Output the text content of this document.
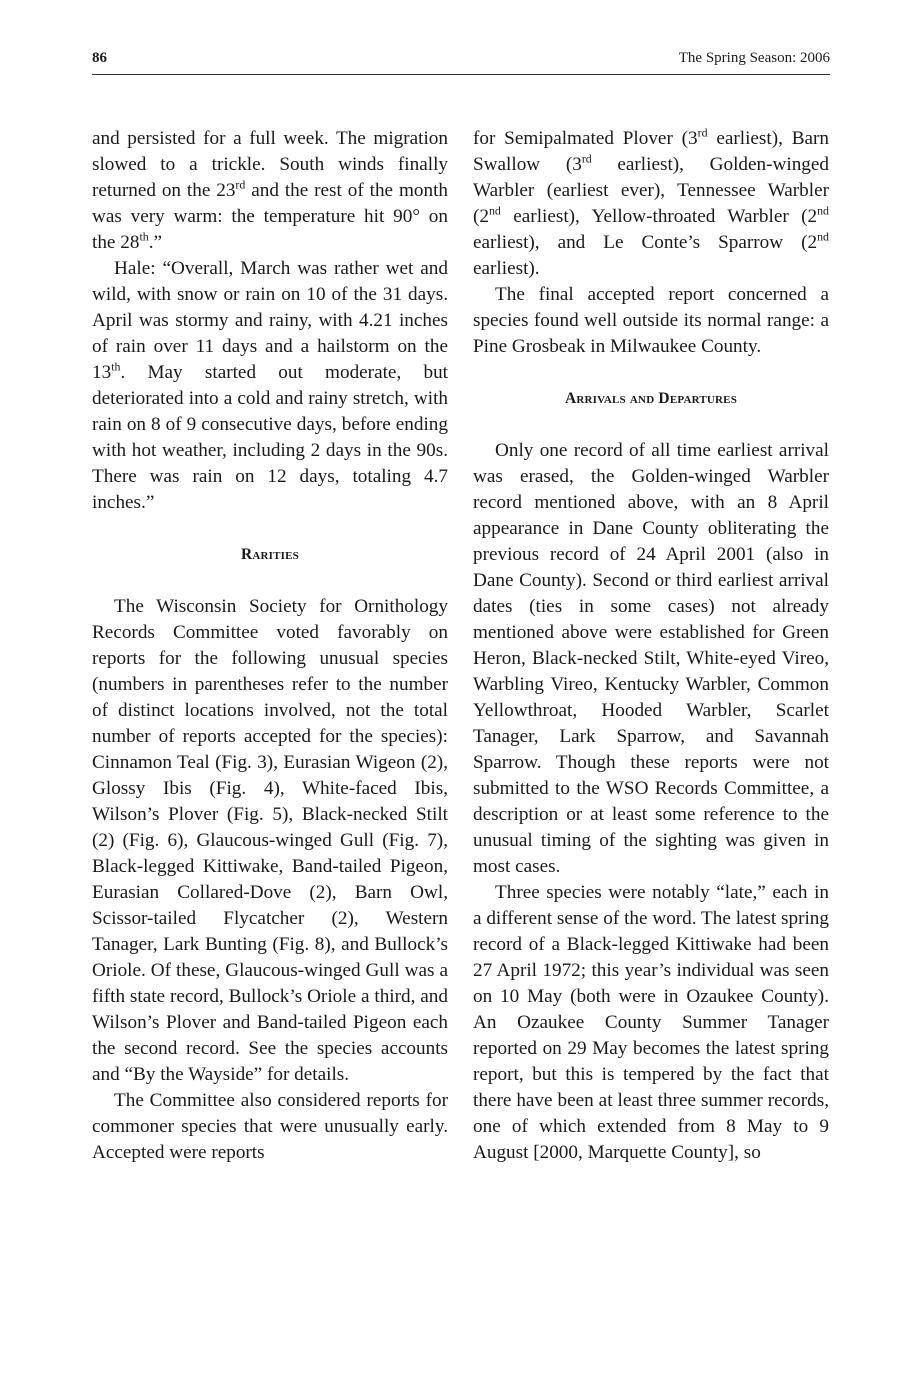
86	The Spring Season: 2006

and persisted for a full week. The migration slowed to a trickle. South winds finally returned on the 23rd and the rest of the month was very warm: the temperature hit 90° on the 28th.”

Hale: “Overall, March was rather wet and wild, with snow or rain on 10 of the 31 days. April was stormy and rainy, with 4.21 inches of rain over 11 days and a hailstorm on the 13th. May started out moderate, but deteriorated into a cold and rainy stretch, with rain on 8 of 9 consecutive days, before ending with hot weather, including 2 days in the 90s. There was rain on 12 days, totaling 4.7 inches.”

Rarities

The Wisconsin Society for Ornithology Records Committee voted favorably on reports for the following unusual species (numbers in parentheses refer to the number of distinct locations involved, not the total number of reports accepted for the species): Cinnamon Teal (Fig. 3), Eurasian Wigeon (2), Glossy Ibis (Fig. 4), White-faced Ibis, Wilson’s Plover (Fig. 5), Black-necked Stilt (2) (Fig. 6), Glaucous-winged Gull (Fig. 7), Black-legged Kittiwake, Band-tailed Pigeon, Eurasian Collared-Dove (2), Barn Owl, Scissor-tailed Flycatcher (2), Western Tanager, Lark Bunting (Fig. 8), and Bullock’s Oriole. Of these, Glaucous-winged Gull was a fifth state record, Bullock’s Oriole a third, and Wilson’s Plover and Band-tailed Pigeon each the second record. See the species accounts and “By the Wayside” for details.

The Committee also considered reports for commoner species that were unusually early. Accepted were reports

for Semipalmated Plover (3rd earliest), Barn Swallow (3rd earliest), Golden-winged Warbler (earliest ever), Tennessee Warbler (2nd earliest), Yellow-throated Warbler (2nd earliest), and Le Conte’s Sparrow (2nd earliest).

The final accepted report concerned a species found well outside its normal range: a Pine Grosbeak in Milwaukee County.

Arrivals and Departures

Only one record of all time earliest arrival was erased, the Golden-winged Warbler record mentioned above, with an 8 April appearance in Dane County obliterating the previous record of 24 April 2001 (also in Dane County). Second or third earliest arrival dates (ties in some cases) not already mentioned above were established for Green Heron, Black-necked Stilt, White-eyed Vireo, Warbling Vireo, Kentucky Warbler, Common Yellowthroat, Hooded Warbler, Scarlet Tanager, Lark Sparrow, and Savannah Sparrow. Though these reports were not submitted to the WSO Records Committee, a description or at least some reference to the unusual timing of the sighting was given in most cases.

Three species were notably “late,” each in a different sense of the word. The latest spring record of a Black-legged Kittiwake had been 27 April 1972; this year’s individual was seen on 10 May (both were in Ozaukee County). An Ozaukee County Summer Tanager reported on 29 May becomes the latest spring report, but this is tempered by the fact that there have been at least three summer records, one of which extended from 8 May to 9 August [2000, Marquette County], so
